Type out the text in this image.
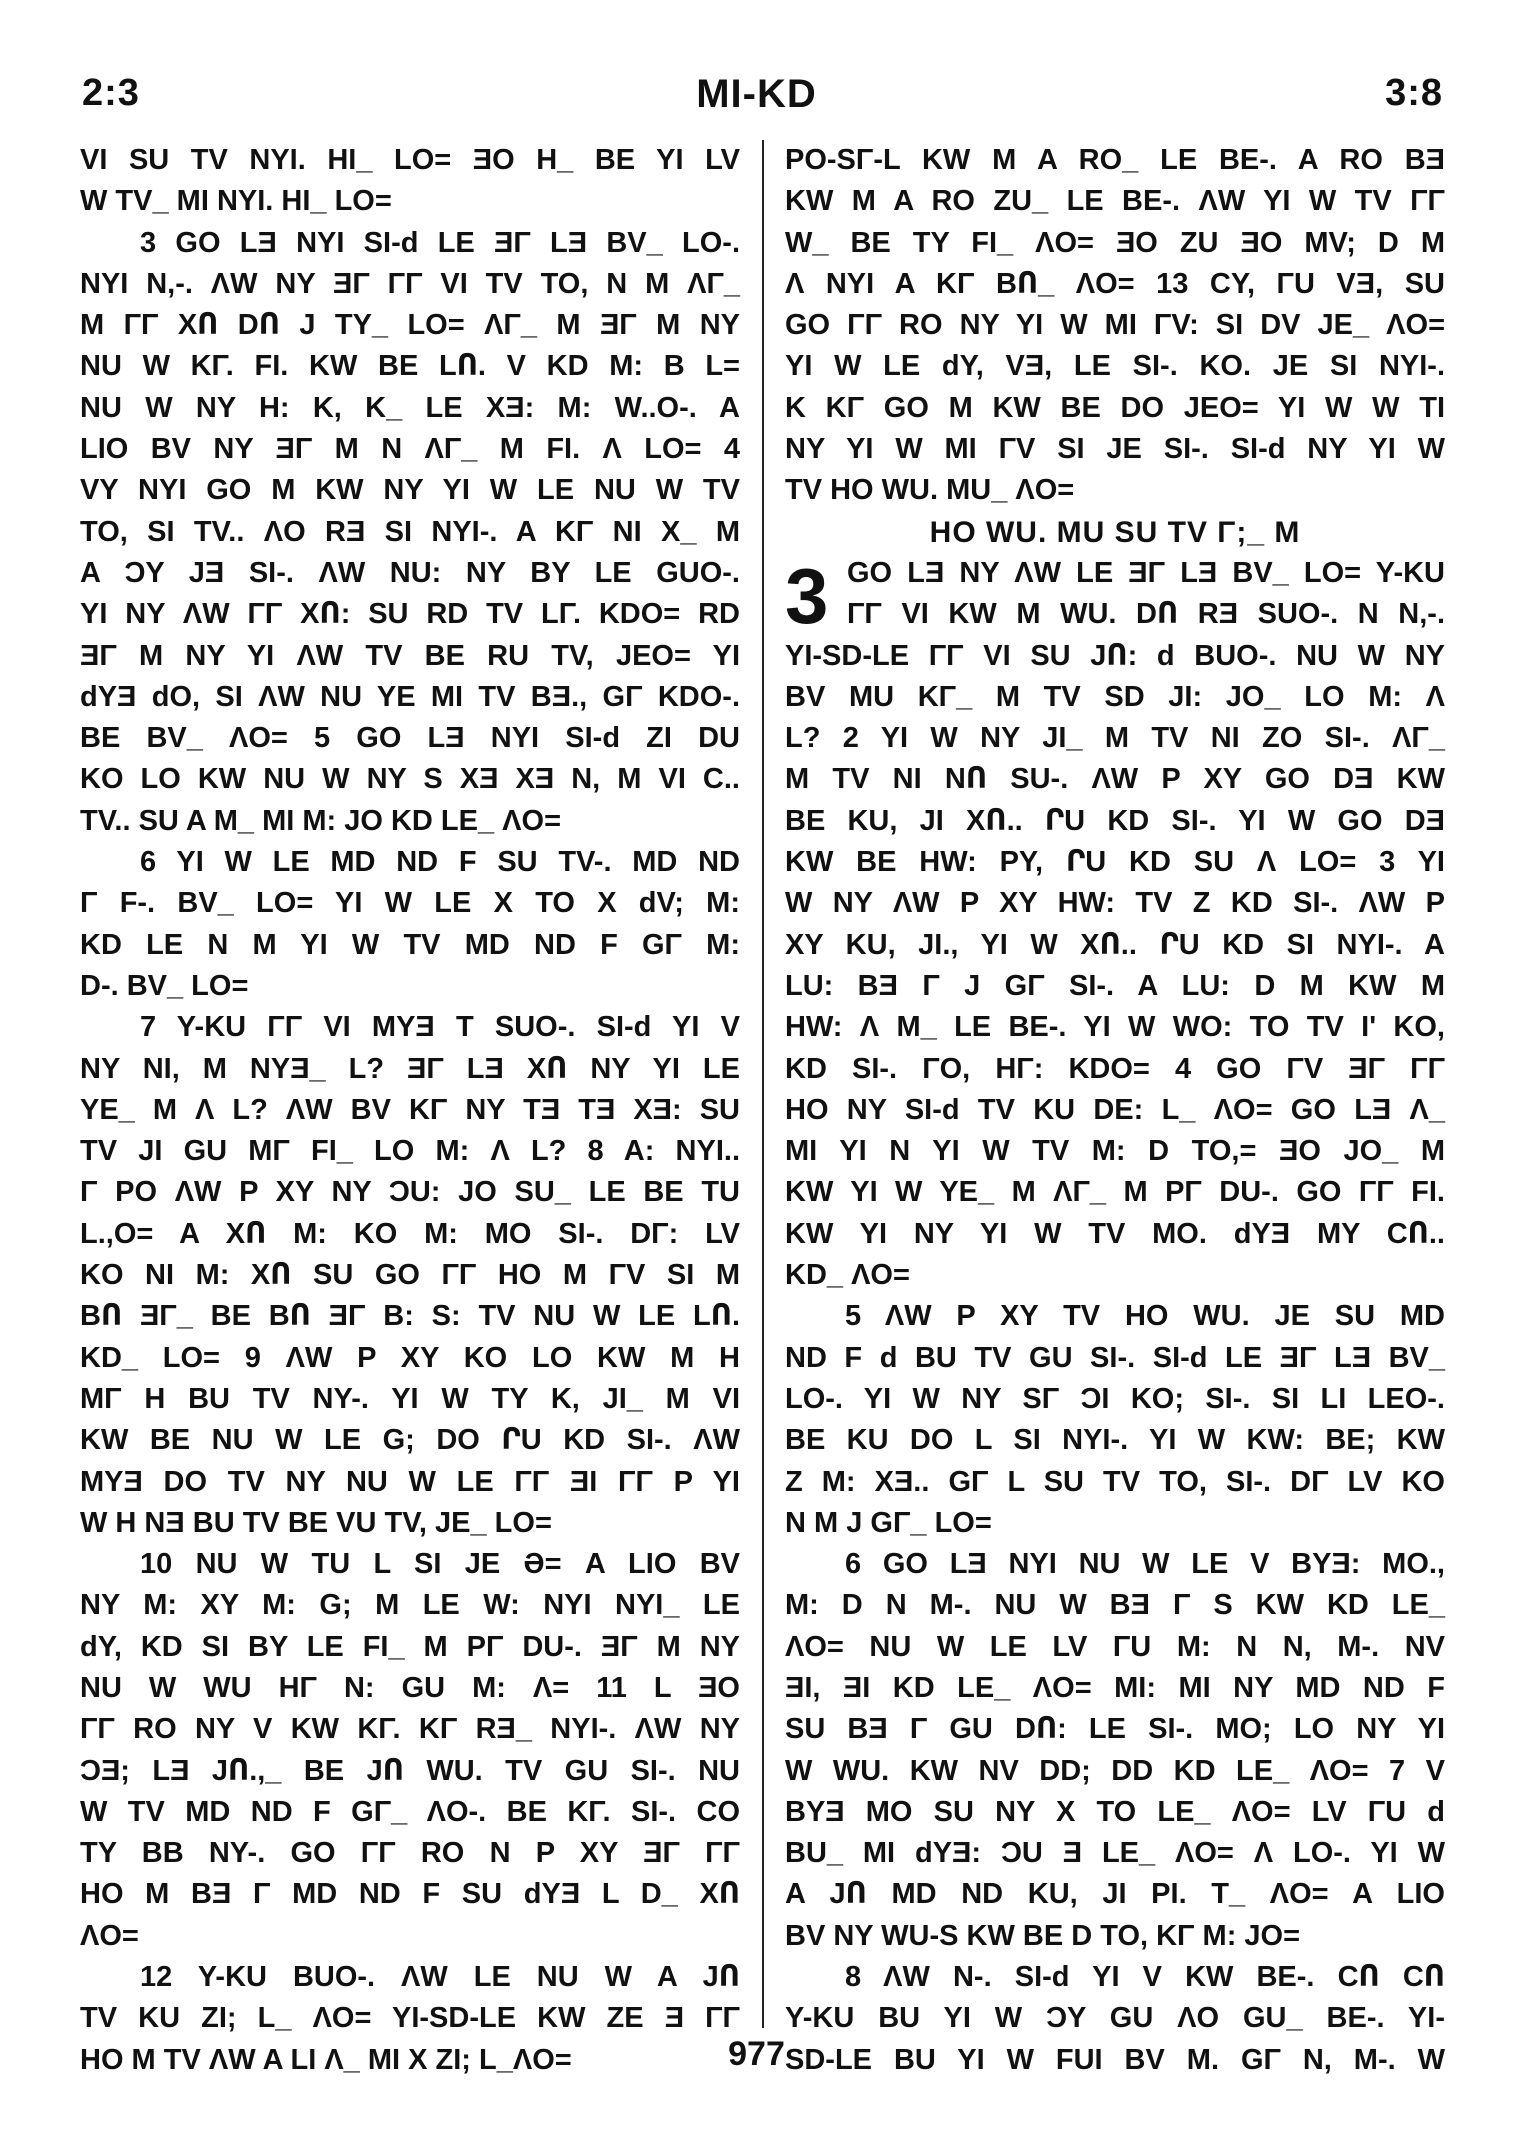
2:3	MI-KD	3:8
VI SU TV NYI. HI_ LO= ƎO H_ BE YI LV
W TV_ MI NYI. HI_ LO=
3 GO LƎ NYI SI-d LE ƎΓ LƎ BV_ LO-.
NYI N,-. ΛW NY ƎΓ ΓΓ VI TV TO, N M ΛΓ_
M ΓΓ XՈ DՈ J TY_ LO= ΛΓ_ M ƎΓ M NY
NU W KΓ. FI. KW BE LՈ. V KD M: B L=
NU W NY H: K, K_ LE XƎ: M: W..O-. A
LIO BV NY ƎΓ M N ΛΓ_ M FI. Λ LO= 4
VY NYI GO M KW NY YI W LE NU W TV
TO, SI TV.. ΛO RƎ SI NYI-. A KΓ NI X_ M
A ƆY JƎ SI-. ΛW NU: NY BY LE GUO-.
YI NY ΛW ΓΓ XՈ: SU RD TV LΓ. KDO= RD
ƎΓ M NY YI ΛW TV BE RU TV, JEO= YI
dYƎ dO, SI ΛW NU YE MI TV BƎ., GΓ KDO-.
BE BV_ ΛO= 5 GO LƎ NYI SI-d ZI DU
KO LO KW NU W NY S XƎ XƎ N, M VI C..
TV.. SU A M_ MI M: JO KD LE_ ΛO=
6 YI W LE MD ND F SU TV-. MD ND
Γ F-. BV_ LO= YI W LE X TO X dV; M:
KD LE N M YI W TV MD ND F GΓ M:
D-. BV_ LO=
7 Y-KU ΓΓ VI MYƎ T SUO-. SI-d YI V
NY NI, M NYƎ_ L? ƎΓ LƎ XՈ NY YI LE
YE_ M Λ L? ΛW BV KΓ NY TƎ TƎ XƎ: SU
TV JI GU MΓ FI_ LO M: Λ L? 8 A: NYI..
Γ PO ΛW P XY NY ƆU: JO SU_ LE BE TU
L.,O= A XՈ M: KO M: MO SI-. DΓ: LV
KO NI M: XՈ SU GO ΓΓ HO M ΓV SI M
BՈ ƎΓ_ BE BՈ ƎΓ B: S: TV NU W LE LՈ.
KD_ LO= 9 ΛW P XY KO LO KW M H
MΓ H BU TV NY-. YI W TY K, JI_ M VI
KW BE NU W LE G; DO ՐU KD SI-. ΛW
MYƎ DO TV NY NU W LE ΓΓ ƎI ΓΓ P YI
W H NƎ BU TV BE VU TV, JE_ LO=
10 NU W TU L SI JE Ә= A LIO BV
NY M: XY M: G; M LE W: NYI NYI_ LE
dY, KD SI BY LE FI_ M PΓ DU-. ƎΓ M NY
NU W WU HΓ N: GU M: Λ= 11 L ƎO
ΓΓ RO NY V KW KΓ. KΓ RƎ_ NYI-. ΛW NY
ƆƎ; LƎ JՈ.,_ BE JՈ WU. TV GU SI-. NU
W TV MD ND F GΓ_ ΛO-. BE KΓ. SI-. CO
TY BB NY-. GO ΓΓ RO N P XY ƎΓ ΓΓ
HO M BƎ Γ MD ND F SU dYƎ L D_ XՈ
ΛO=
12 Y-KU BUO-. ΛW LE NU W A JՈ
TV KU ZI; L_ ΛO= YI-SD-LE KW ZE Ǝ ΓΓ
HO M TV ΛW A LI Λ_ MI X ZI; L_ΛO=
PO-SΓ-L KW M A RO_ LE BE-. A RO BƎ
KW M A RO ZU_ LE BE-. ΛW YI W TV ΓΓ
W_ BE TY FI_ ΛO= ƎO ZU ƎO MV; D M
Λ NYI A KΓ BՈ_ ΛO= 13 CY, ΓU VƎ, SU
GO ΓΓ RO NY YI W MI ΓV: SI DV JE_ ΛO=
YI W LE dY, VƎ, LE SI-. KO. JE SI NYI-.
K KΓ GO M KW BE DO JEO= YI W W TI
NY YI W MI ΓV SI JE SI-. SI-d NY YI W
TV HO WU. MU_ ΛO=
HO WU. MU SU TV Γ;_ M
3 GO LƎ NY ΛW LE ƎΓ LƎ BV_ LO= Y-KU
ΓΓ VI KW M WU. DՈ RƎ SUO-. N N,-.
YI-SD-LE ΓΓ VI SU JՈ: d BUO-. NU W NY
BV MU KΓ_ M TV SD JI: JO_ LO M: Λ
L? 2 YI W NY JI_ M TV NI ZO SI-. ΛΓ_
M TV NI NՈ SU-. ΛW P XY GO DƎ KW
BE KU, JI XՈ.. ՐU KD SI-. YI W GO DƎ
KW BE HW: PY, ՐU KD SU Λ LO= 3 YI
W NY ΛW P XY HW: TV Z KD SI-. ΛW P
XY KU, JI., YI W XՈ.. ՐU KD SI NYI-. A
LU: BƎ Γ J GΓ SI-. A LU: D M KW M
HW: Λ M_ LE BE-. YI W WO: TO TV Ι' KO,
KD SI-. ΓO, HΓ: KDO= 4 GO ΓV ƎΓ ΓΓ
HO NY SI-d TV KU DE: L_ ΛO= GO LƎ Λ_
MI YI N YI W TV M: D TO,= ƎO JO_ M
KW YI W YE_ M ΛΓ_ M PΓ DU-. GO ΓΓ FI.
KW YI NY YI W TV MO. dYƎ MY CՈ..
KD_ ΛO=
5 ΛW P XY TV HO WU. JE SU MD
ND F d BU TV GU SI-. SI-d LE ƎΓ LƎ BV_
LO-. YI W NY SΓ ƆI KO; SI-. SI LI LEO-.
BE KU DO L SI NYI-. YI W KW: BE; KW
Z M: XƎ.. GΓ L SU TV TO, SI-. DΓ LV KO
N M J GΓ_ LO=
6 GO LƎ NYI NU W LE V BYƎ: MO.,
M: D N M-. NU W BƎ Γ S KW KD LE_
ΛO= NU W LE LV ΓU M: N N, M-. NV
ƎI, ƎI KD LE_ ΛO= MI: MI NY MD ND F
SU BƎ Γ GU DՈ: LE SI-. MO; LO NY YI
W WU. KW NV DD; DD KD LE_ ΛO= 7 V
BYƎ MO SU NY X TO LE_ ΛO= LV ΓU d
BU_ MI dYƎ: ƆU Ǝ LE_ ΛO= Λ LO-. YI W
A JՈ MD ND KU, JI PI. T_ ΛO= A LIO
BV NY WU-S KW BE D TO, KΓ M: JO=
8 ΛW N-. SI-d YI V KW BE-. CՈ CՈ
Y-KU BU YI W ƆY GU ΛO GU_ BE-. YI-
SD-LE BU YI W FUI BV M. GΓ N, M-. W
977
